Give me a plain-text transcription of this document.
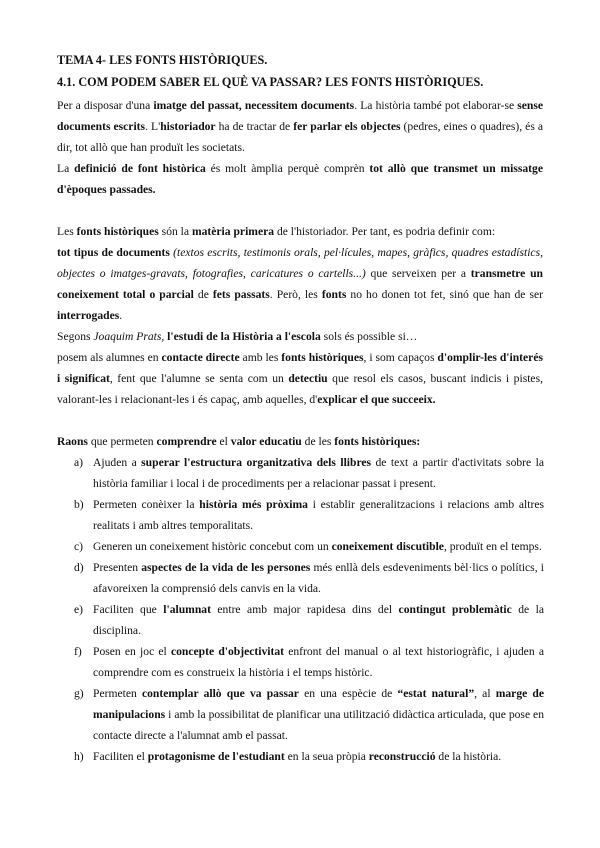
TEMA 4- LES FONTS HISTÒRIQUES.
4.1. COM PODEM SABER EL QUÈ VA PASSAR? LES FONTS HISTÒRIQUES.
Per a disposar d'una imatge del passat, necessitem documents. La història també pot elaborar-se sense documents escrits. L'historiador ha de tractar de fer parlar els objectes (pedres, eines o quadres), és a dir, tot allò que han produït les societats.
La definició de font històrica és molt àmplia perquè comprèn tot allò que transmet un missatge d'èpoques passades.
Les fonts històriques són la matèria primera de l'historiador. Per tant, es podria definir com:
tot tipus de documents (textos escrits, testimonis orals, pel·lícules, mapes, gràfics, quadres estadístics, objectes o imatges-gravats, fotografies, caricatures o cartells...) que serveixen per a transmetre un coneixement total o parcial de fets passats. Però, les fonts no ho donen tot fet, sinó que han de ser interrogades.
Segons Joaquim Prats, l'estudi de la Història a l'escola sols és possible si…
posem als alumnes en contacte directe amb les fonts històriques, i som capaços d'omplir-les d'interés i significat, fent que l'alumne se senta com un detectiu que resol els casos, buscant indicis i pistes, valorant-les i relacionant-les i és capaç, amb aquelles, d'explicar el que succeeix.
Raons que permeten comprendre el valor educatiu de les fonts històriques:
a) Ajuden a superar l'estructura organitzativa dels llibres de text a partir d'activitats sobre la història familiar i local i de procediments per a relacionar passat i present.
b) Permeten conèixer la història més pròxima i establir generalitzacions i relacions amb altres realitats i amb altres temporalitats.
c) Generen un coneixement històric concebut com un coneixement discutible, produït en el temps.
d) Presenten aspectes de la vida de les persones més enllà dels esdeveniments bèl·lics o polítics, i afavoreixen la comprensió dels canvis en la vida.
e) Faciliten que l'alumnat entre amb major rapidesa dins del contingut problemàtic de la disciplina.
f) Posen en joc el concepte d'objectivitat enfront del manual o al text historiogràfic, i ajuden a comprendre com es construeix la història i el temps històric.
g) Permeten contemplar allò que va passar en una espècie de “estat natural”, al marge de manipulacions i amb la possibilitat de planificar una utilització didàctica articulada, que pose en contacte directe a l'alumnat amb el passat.
h) Faciliten el protagonisme de l'estudiant en la seua pròpia reconstrucció de la història.
